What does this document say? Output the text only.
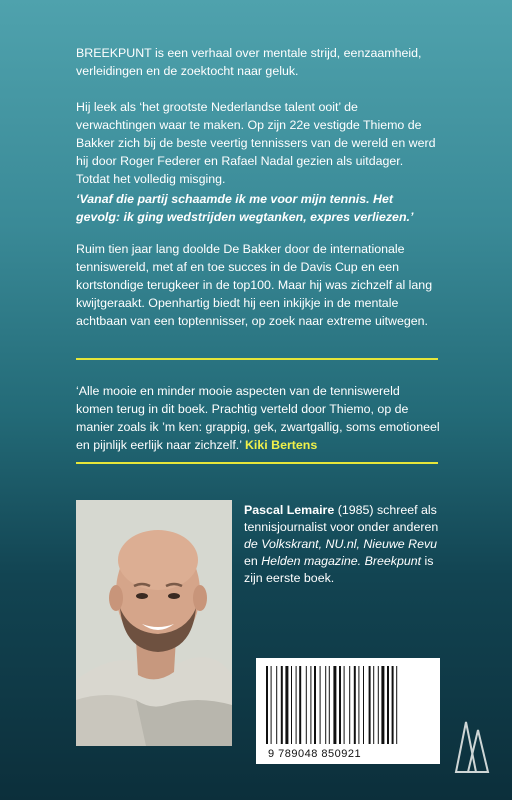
BREEKPUNT is een verhaal over mentale strijd, eenzaamheid, verleidingen en de zoektocht naar geluk.

Hij leek als ‘het grootste Nederlandse talent ooit’ de verwachtingen waar te maken. Op zijn 22e vestigde Thiemo de Bakker zich bij de beste veertig tennissers van de wereld en werd hij door Roger Federer en Rafael Nadal gezien als uitdager. Totdat het volledig misging.

‘Vanaf die partij schaamde ik me voor mijn tennis. Het gevolg: ik ging wedstrijden wegtanken, expres verliezen.’

Ruim tien jaar lang doolde De Bakker door de internationale tenniswereld, met af en toe succes in de Davis Cup en een kortstondige terugkeer in de top100. Maar hij was zichzelf al lang kwijtgeraakt. Openhartig biedt hij een inkijkje in de mentale achtbaan van een toptennisser, op zoek naar extreme uitwegen.

‘Alle mooie en minder mooie aspecten van de tenniswereld komen terug in dit boek. Prachtig verteld door Thiemo, op de manier zoals ik ’m ken: grappig, gek, zwartgallig, soms emotioneel en pijnlijk eerlijk naar zichzelf.’ Kiki Bertens

Pascal Lemaire (1985) schreef als tennisjournalist voor onder anderen de Volkskrant, NU.nl, Nieuwe Revu en Helden magazine. Breekpunt is zijn eerste boek.

9 789048 850921
